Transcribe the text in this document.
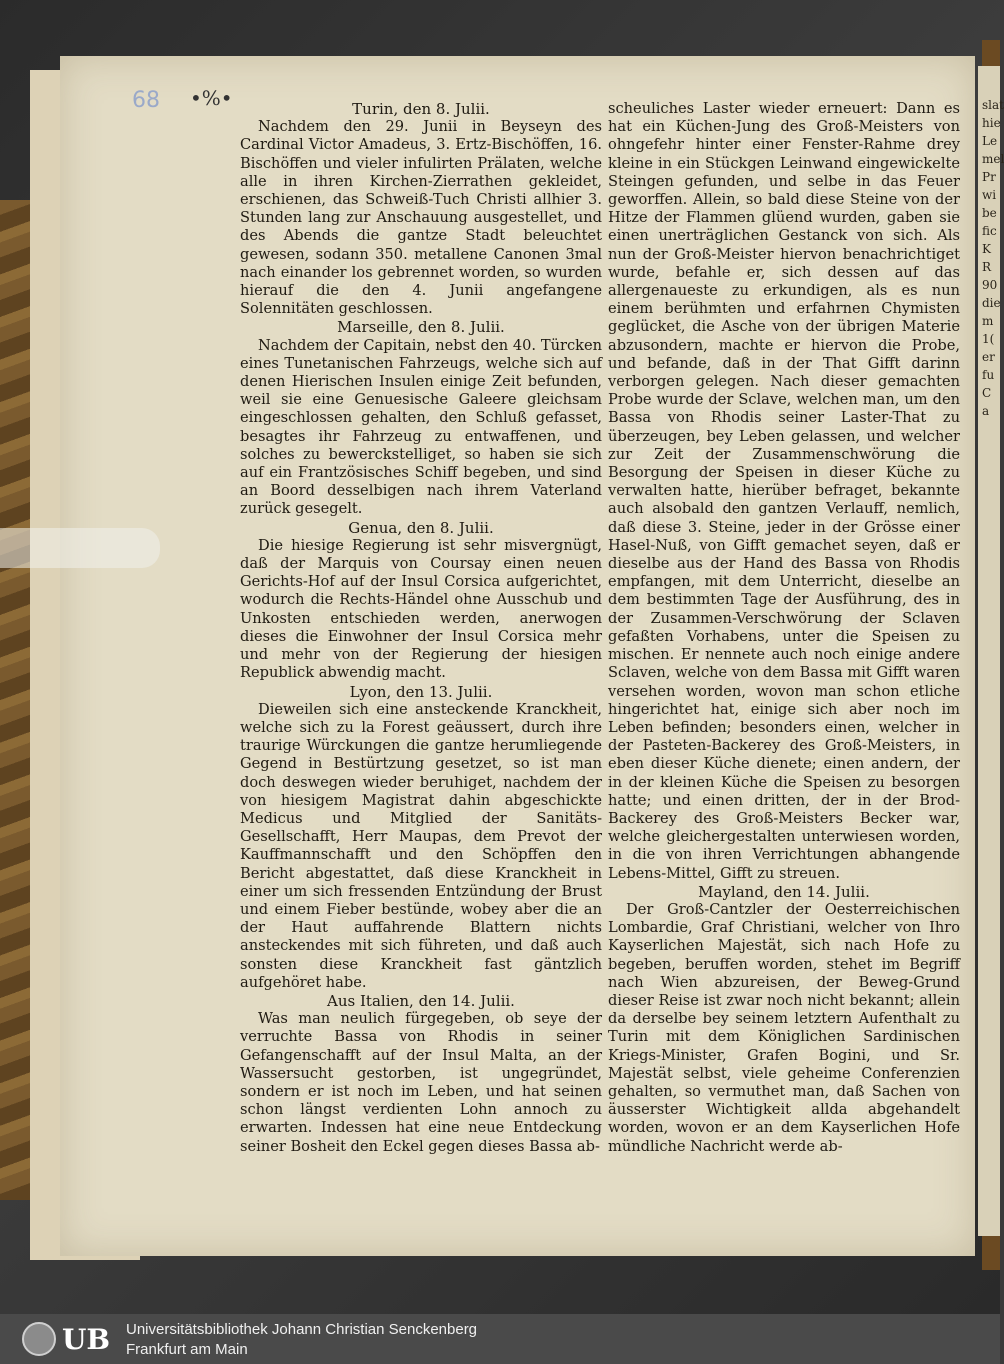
slat
hie
Le
mel
Pr
wi
be
fic
K
R
90
die
m
1(
er
fu
C
a
68 •%•	Turin, den 8. Julii.

Nachdem den 29. Junii in Beyseyn des Cardinal Victor Amadeus, 3. Ertz-Bischöffen, 16. Bischöffen und vieler infulirten Prälaten, welche alle in ihren Kirchen-Zierrathen gekleidet, erschienen, das Schweiß-Tuch Christi allhier 3. Stunden lang zur Anschauung ausgestellet, und des Abends die gantze Stadt beleuchtet gewesen, sodann 350. metallene Canonen 3mal nach einander los gebrennet worden, so wurden hierauf die den 4. Junii angefangene Solennitäten geschlossen.

Marseille, den 8. Julii.

Nachdem der Capitain, nebst den 40. Türcken eines Tunetanischen Fahrzeugs, welche sich auf denen Hierischen Insulen einige Zeit befunden, weil sie eine Genuesische Galeere gleichsam eingeschlossen gehalten, den Schluß gefasset, besagtes ihr Fahrzeug zu entwaffenen, und solches zu bewerckstelliget, so haben sie sich auf ein Frantzösisches Schiff begeben, und sind an Boord desselbigen nach ihrem Vaterland zurück gesegelt.

Genua, den 8. Julii.

Die hiesige Regierung ist sehr misvergnügt, daß der Marquis von Coursay einen neuen Gerichts-Hof auf der Insul Corsica aufgerichtet, wodurch die Rechts-Händel ohne Ausschub und Unkosten entschieden werden, anerwogen dieses die Einwohner der Insul Corsica mehr und mehr von der Regierung der hiesigen Republick abwendig macht.

Lyon, den 13. Julii.

Dieweilen sich eine ansteckende Kranckheit, welche sich zu la Forest geäussert, durch ihre traurige Würckungen die gantze herumliegende Gegend in Bestürtzung gesetzet, so ist man doch deswegen wieder beruhiget, nachdem der von hiesigem Magistrat dahin abgeschickte Medicus und Mitglied der Sanitäts-Gesellschafft, Herr Maupas, dem Prevot der Kauffmannschafft und den Schöpffen den Bericht abgestattet, daß diese Kranckheit in einer um sich fressenden Entzündung der Brust und einem Fieber bestünde, wobey aber die an der Haut auffahrende Blattern nichts ansteckendes mit sich führeten, und daß auch sonsten diese Kranckheit fast gäntzlich aufgehöret habe.

Aus Italien, den 14. Julii.

Was man neulich fürgegeben, ob seye der verruchte Bassa von Rhodis in seiner Gefangenschafft auf der Insul Malta, an der Wassersucht gestorben, ist ungegründet, sondern er ist noch im Leben, und hat seinen schon längst verdienten Lohn annoch zu erwarten. Indessen hat eine neue Entdeckung seiner Bosheit den Eckel gegen dieses Bassa ab-

scheuliches Laster wieder erneuert: Dann es hat ein Küchen-Jung des Groß-Meisters von ohngefehr hinter einer Fenster-Rahme drey kleine in ein Stückgen Leinwand eingewickelte Steingen gefunden, und selbe in das Feuer geworffen. Allein, so bald diese Steine von der Hitze der Flammen glüend wurden, gaben sie einen unerträglichen Gestanck von sich. Als nun der Groß-Meister hiervon benachrichtiget wurde, befahle er, sich dessen auf das allergenaueste zu erkundigen, als es nun einem berühmten und erfahrnen Chymisten geglücket, die Asche von der übrigen Materie abzusondern, machte er hiervon die Probe, und befande, daß in der That Gifft darinn verborgen gelegen. Nach dieser gemachten Probe wurde der Sclave, welchen man, um den Bassa von Rhodis seiner Laster-That zu überzeugen, bey Leben gelassen, und welcher zur Zeit der Zusammenschwörung die Besorgung der Speisen in dieser Küche zu verwalten hatte, hierüber befraget, bekannte auch alsobald den gantzen Verlauff, nemlich, daß diese 3. Steine, jeder in der Grösse einer Hasel-Nuß, von Gifft gemachet seyen, daß er dieselbe aus der Hand des Bassa von Rhodis empfangen, mit dem Unterricht, dieselbe an dem bestimmten Tage der Ausführung, des in der Zusammen-Verschwörung der Sclaven gefaßten Vorhabens, unter die Speisen zu mischen. Er nennete auch noch einige andere Sclaven, welche von dem Bassa mit Gifft waren versehen worden, wovon man schon etliche hingerichtet hat, einige sich aber noch im Leben befinden; besonders einen, welcher in der Pasteten-Backerey des Groß-Meisters, in eben dieser Küche dienete; einen andern, der in der kleinen Küche die Speisen zu besorgen hatte; und einen dritten, der in der Brod-Backerey des Groß-Meisters Becker war, welche gleichergestalten unterwiesen worden, in die von ihren Verrichtungen abhangende Lebens-Mittel, Gifft zu streuen.

Mayland, den 14. Julii.

Der Groß-Cantzler der Oesterreichischen Lombardie, Graf Christiani, welcher von Ihro Kayserlichen Majestät, sich nach Hofe zu begeben, beruffen worden, stehet im Begriff nach Wien abzureisen, der Beweg-Grund dieser Reise ist zwar noch nicht bekannt; allein da derselbe bey seinem letztern Aufenthalt zu Turin mit dem Königlichen Sardinischen Kriegs-Minister, Grafen Bogini, und Sr. Majestät selbst, viele geheime Conferenzien gehalten, so vermuthet man, daß Sachen von äusserster Wichtigkeit allda abgehandelt worden, wovon er an dem Kayserlichen Hofe mündliche Nachricht werde ab-

UB Universitätsbibliothek Johann Christian Senckenberg
Frankfurt am Main
